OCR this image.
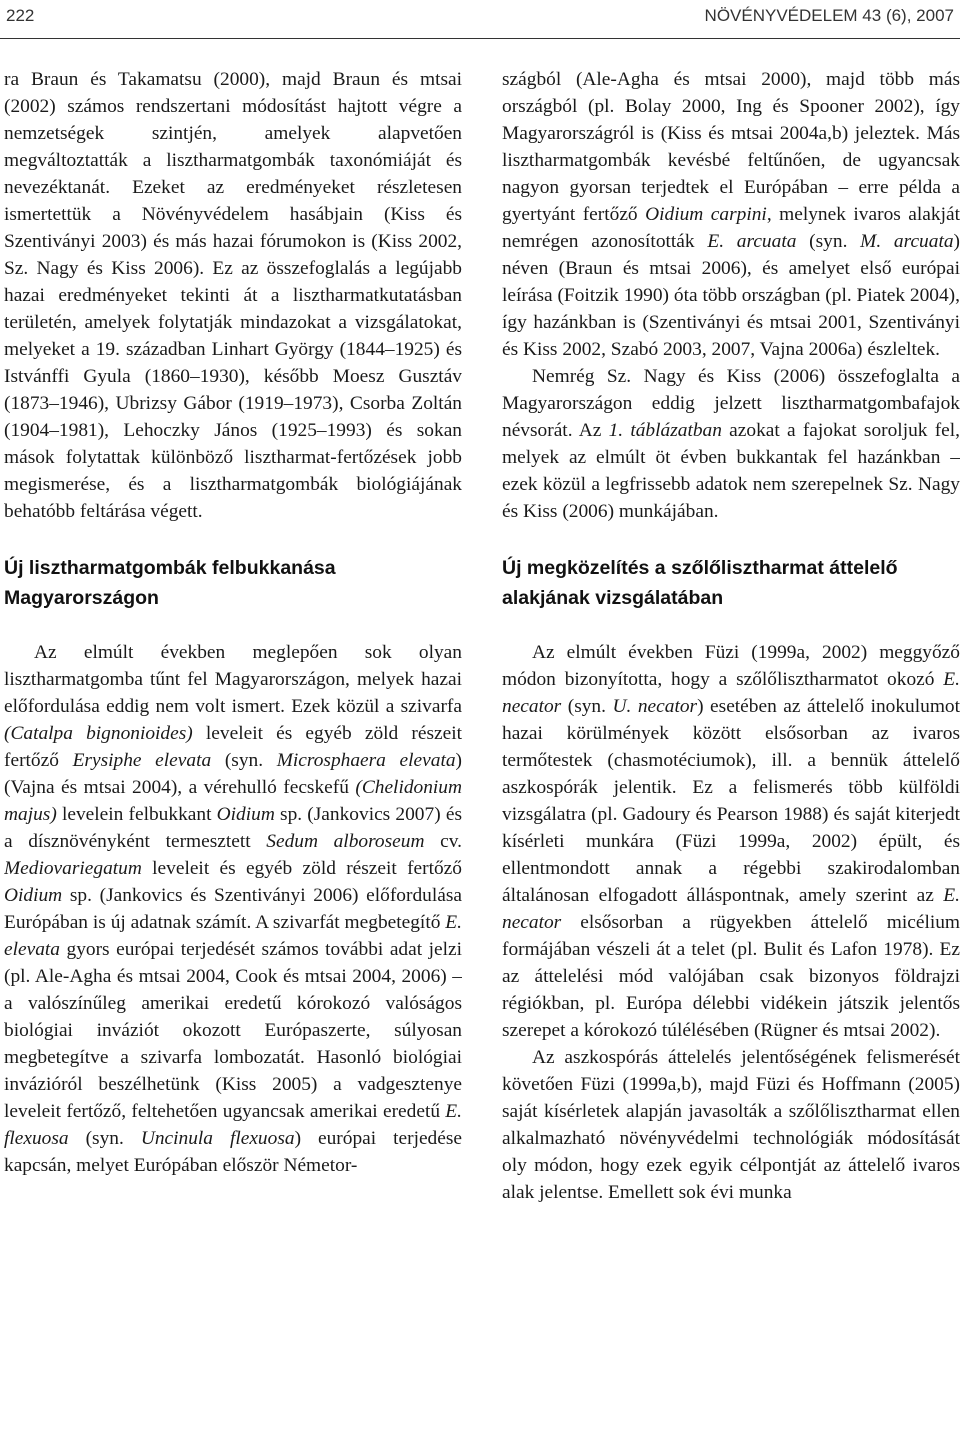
222	NÖVÉNYVÉDELEM 43 (6), 2007

ra Braun és Takamatsu (2000), majd Braun és mtsai (2002) számos rendszertani módosítást hajtott végre a nemzetségek szintjén, amelyek alapvetően megváltoztatták a lisztharmatgombák taxonómiáját és nevezéktanát. Ezeket az eredményeket részletesen ismertettük a Növényvédelem hasábjain (Kiss és Szentiványi 2003) és más hazai fórumokon is (Kiss 2002, Sz. Nagy és Kiss 2006). Ez az összefoglalás a legújabb hazai eredményeket tekinti át a lisztharmatkutatásban területén, amelyek folytatják mindazokat a vizsgálatokat, melyeket a 19. században Linhart György (1844–1925) és Istvánffi Gyula (1860–1930), később Moesz Gusztáv (1873–1946), Ubrizsy Gábor (1919–1973), Csorba Zoltán (1904–1981), Lehoczky János (1925–1993) és sokan mások folytattak különböző lisztharmat-fertőzések jobb megismerése, és a lisztharmatgombák biológiájának behatóbb feltárása végett.

Új lisztharmatgombák felbukkanása Magyarországon

Az elmúlt években meglepően sok olyan lisztharmatgomba tűnt fel Magyarországon, melyek hazai előfordulása eddig nem volt ismert. Ezek közül a szivarfa (Catalpa bignonioides) leveleit és egyéb zöld részeit fertőző Erysiphe elevata (syn. Microsphaera elevata) (Vajna és mtsai 2004), a vérehulló fecskefű (Chelidonium majus) levelein felbukkant Oidium sp. (Jankovics 2007) és a dísznövényként termesztett Sedum alboroseum cv. Mediovariegatum leveleit és egyéb zöld részeit fertőző Oidium sp. (Jankovics és Szentiványi 2006) előfordulása Európában is új adatnak számít. A szivarfát megbetegítő E. elevata gyors európai terjedését számos további adat jelzi (pl. Ale-Agha és mtsai 2004, Cook és mtsai 2004, 2006) – a valószínűleg amerikai eredetű kórokozó valóságos biológiai inváziót okozott Európaszerte, súlyosan megbetegítve a szivarfa lombozatát. Hasonló biológiai invázióról beszélhetünk (Kiss 2005) a vadgesztenye leveleit fertőző, feltehetően ugyancsak amerikai eredetű E. flexuosa (syn. Uncinula flexuosa) európai terjedése kapcsán, melyet Európában először Németor-

szágból (Ale-Agha és mtsai 2000), majd több más országból (pl. Bolay 2000, Ing és Spooner 2002), így Magyarországról is (Kiss és mtsai 2004a,b) jeleztek. Más lisztharmatgombák kevésbé feltűnően, de ugyancsak nagyon gyorsan terjedtek el Európában – erre példa a gyertyánt fertőző Oidium carpini, melynek ivaros alakját nemrégen azonosították E. arcuata (syn. M. arcuata) néven (Braun és mtsai 2006), és amelyet első európai leírása (Foitzik 1990) óta több országban (pl. Piatek 2004), így hazánkban is (Szentiványi és mtsai 2001, Szentiványi és Kiss 2002, Szabó 2003, 2007, Vajna 2006a) észleltek.

Nemrég Sz. Nagy és Kiss (2006) összefoglalta a Magyarországon eddig jelzett lisztharmatgombafajok névsorát. Az 1. táblázatban azokat a fajokat soroljuk fel, melyek az elmúlt öt évben bukkantak fel hazánkban – ezek közül a legfrissebb adatok nem szerepelnek Sz. Nagy és Kiss (2006) munkájában.

Új megközelítés a szőlőlisztharmat áttelelő alakjának vizsgálatában

Az elmúlt években Füzi (1999a, 2002) meggyőző módon bizonyította, hogy a szőlőlisztharmatot okozó E. necator (syn. U. necator) esetében az áttelelő inokulumot hazai körülmények között elsősorban az ivaros termőtestek (chasmotéciumok), ill. a bennük áttelelő aszkospórák jelentik. Ez a felismerés több külföldi vizsgálatra (pl. Gadoury és Pearson 1988) és saját kiterjedt kísérleti munkára (Füzi 1999a, 2002) épült, és ellentmondott annak a régebbi szakirodalomban általánosan elfogadott álláspontnak, amely szerint az E. necator elsősorban a rügyekben áttelelő micélium formájában vészeli át a telet (pl. Bulit és Lafon 1978). Ez az áttelelési mód valójában csak bizonyos földrajzi régiókban, pl. Európa délebbi vidékein játszik jelentős szerepet a kórokozó túlélésében (Rügner és mtsai 2002).

Az aszkospórás áttelelés jelentőségének felismerését követően Füzi (1999a,b), majd Füzi és Hoffmann (2005) saját kísérletek alapján javasolták a szőlőlisztharmat ellen alkalmazható növényvédelmi technológiák módosítását oly módon, hogy ezek egyik célpontját az áttelelő ivaros alak jelentse. Emellett sok évi munka
